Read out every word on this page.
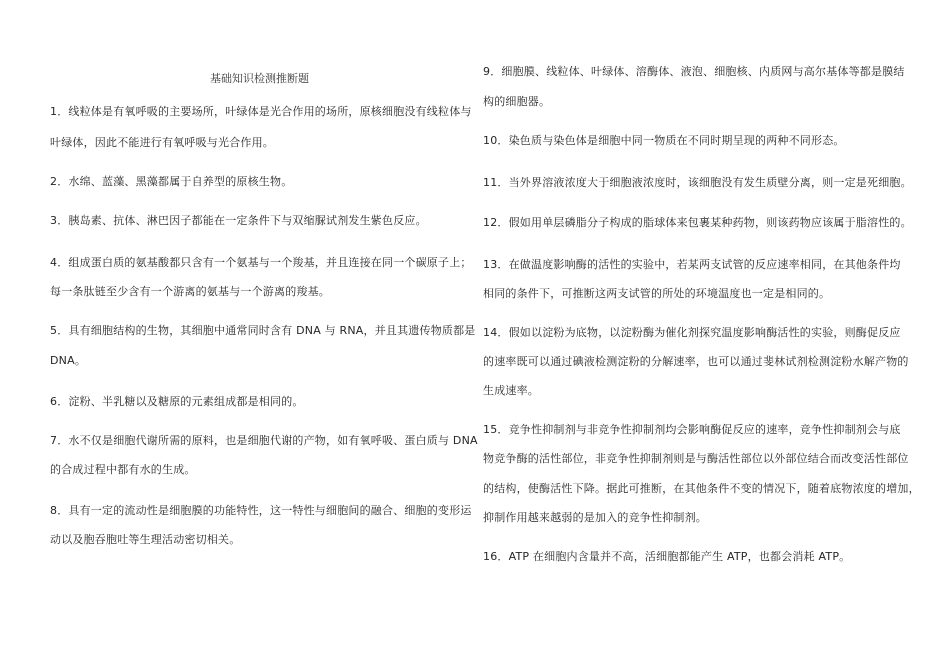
基础知识检测推断题
1．线粒体是有氧呼吸的主要场所，叶绿体是光合作用的场所，原核细胞没有线粒体与
叶绿体，因此不能进行有氧呼吸与光合作用。
2．水绵、蓝藻、黑藻都属于自养型的原核生物。
3．胰岛素、抗体、淋巴因子都能在一定条件下与双缩脲试剂发生紫色反应。
4．组成蛋白质的氨基酸都只含有一个氨基与一个羧基，并且连接在同一个碳原子上；
每一条肽链至少含有一个游离的氨基与一个游离的羧基。
5．具有细胞结构的生物，其细胞中通常同时含有 DNA 与 RNA，并且其遗传物质都是
DNA。
6．淀粉、半乳糖以及糖原的元素组成都是相同的。
7．水不仅是细胞代谢所需的原料，也是细胞代谢的产物，如有氧呼吸、蛋白质与 DNA
的合成过程中都有水的生成。
8．具有一定的流动性是细胞膜的功能特性，这一特性与细胞间的融合、细胞的变形运
动以及胞吞胞吐等生理活动密切相关。
9．细胞膜、线粒体、叶绿体、溶酶体、液泡、细胞核、内质网与高尔基体等都是膜结
构的细胞器。
10．染色质与染色体是细胞中同一物质在不同时期呈现的两种不同形态。
11．当外界溶液浓度大于细胞液浓度时，该细胞没有发生质壁分离，则一定是死细胞。
12．假如用单层磷脂分子构成的脂球体来包裹某种药物，则该药物应该属于脂溶性的。
13．在做温度影响酶的活性的实验中，若某两支试管的反应速率相同，在其他条件均
相同的条件下，可推断这两支试管的所处的环境温度也一定是相同的。
14．假如以淀粉为底物，以淀粉酶为催化剂探究温度影响酶活性的实验，则酶促反应
的速率既可以通过碘液检测淀粉的分解速率，也可以通过斐林试剂检测淀粉水解产物的
生成速率。
15．竞争性抑制剂与非竞争性抑制剂均会影响酶促反应的速率，竞争性抑制剂会与底
物竞争酶的活性部位，非竞争性抑制剂则是与酶活性部位以外部位结合而改变活性部位
的结构，使酶活性下降。据此可推断，在其他条件不变的情况下，随着底物浓度的增加，
抑制作用越来越弱的是加入的竞争性抑制剂。
16．ATP 在细胞内含量并不高，活细胞都能产生 ATP，也都会消耗 ATP。
